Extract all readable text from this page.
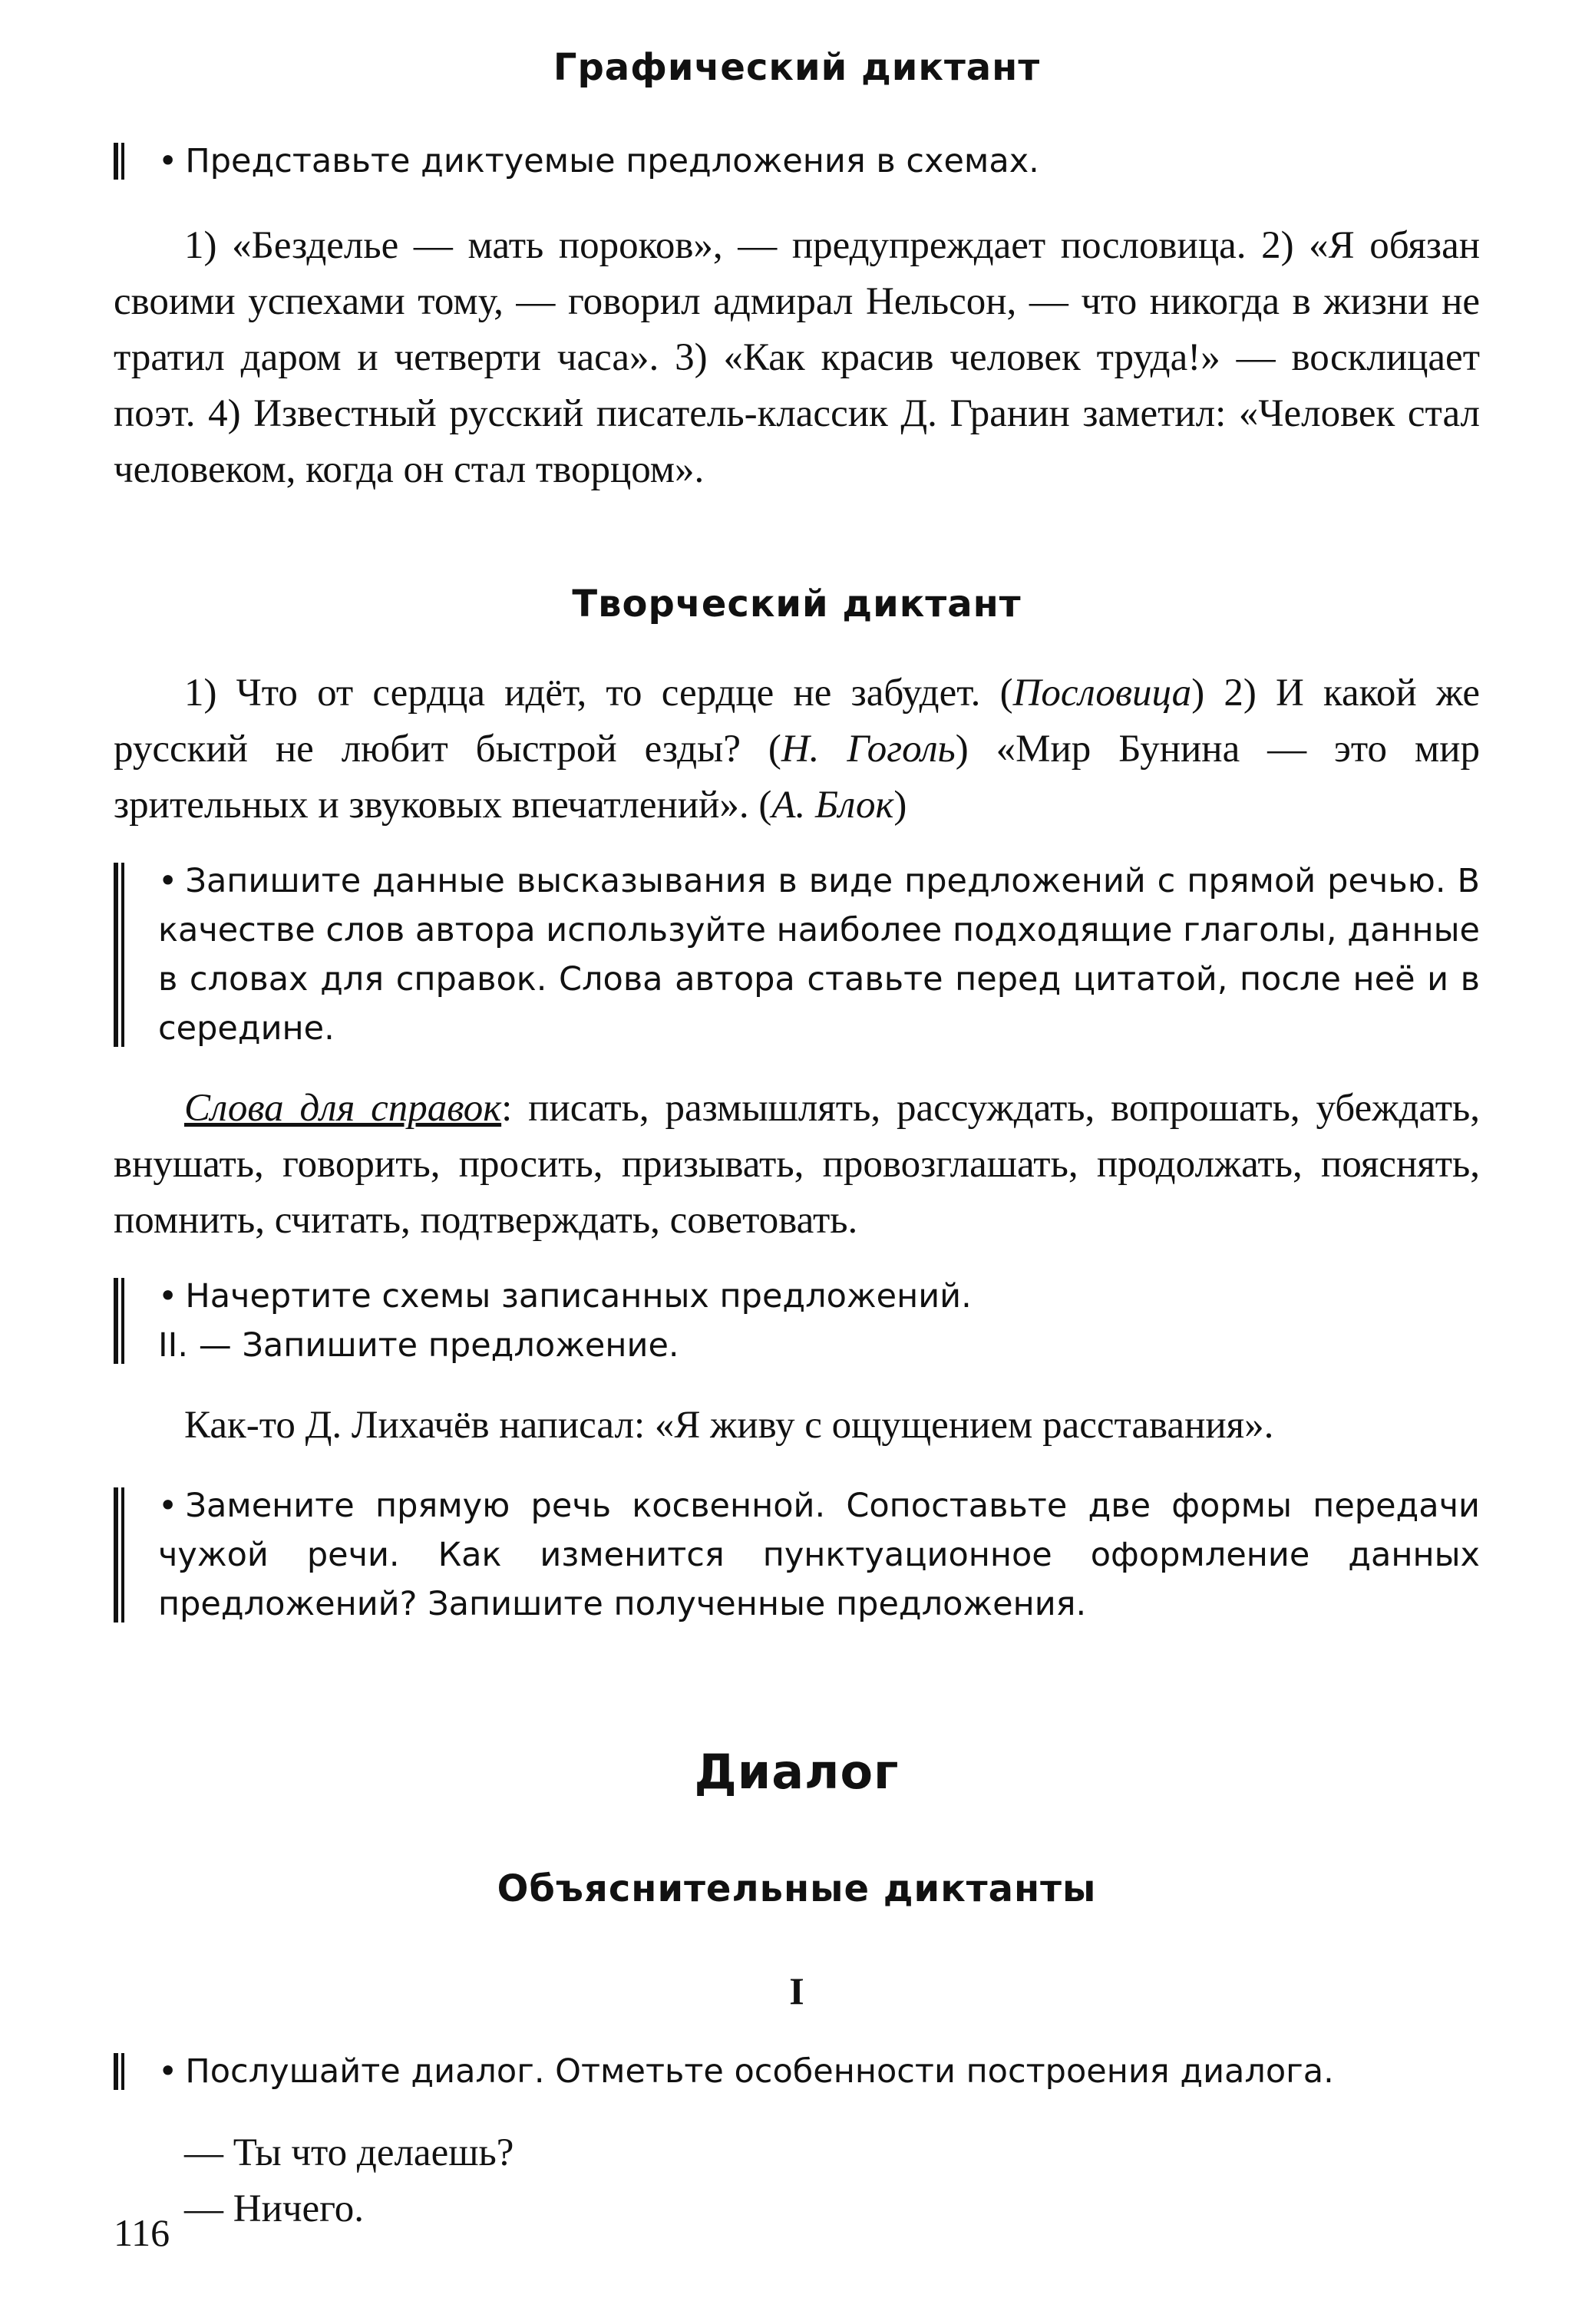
Графический диктант
• Представьте диктуемые предложения в схемах.

1) «Безделье — мать пороков», — предупреждает пословица. 2) «Я обязан своими успехами тому, — говорил адмирал Нельсон, — что никогда в жизни не тратил даром и четверти часа». 3) «Как красив человек труда!» — восклицает поэт. 4) Известный русский писатель-классик Д. Гранин заметил: «Человек стал человеком, когда он стал творцом».

Творческий диктант

1) Что от сердца идёт, то сердце не забудет. (Пословица) 2) И какой же русский не любит быстрой езды? (Н. Гоголь) «Мир Бунина — это мир зрительных и звуковых впечатлений». (А. Блок)

• Запишите данные высказывания в виде предложений с прямой речью. В качестве слов автора используйте наиболее подходящие глаголы, данные в словах для справок. Слова автора ставьте перед цитатой, после неё и в середине.

Слова для справок: писать, размышлять, рассуждать, вопрошать, убеждать, внушать, говорить, просить, призывать, провозглашать, продолжать, пояснять, помнить, считать, подтверждать, советовать.

• Начертите схемы записанных предложений.
II. — Запишите предложение.

Как-то Д. Лихачёв написал: «Я живу с ощущением расставания».

• Замените прямую речь косвенной. Сопоставьте две формы передачи чужой речи. Как изменится пунктуационное оформление данных предложений? Запишите полученные предложения.
Диалог
Объяснительные диктанты

I

• Послушайте диалог. Отметьте особенности построения диалога.

— Ты что делаешь?

— Ничего.

116
